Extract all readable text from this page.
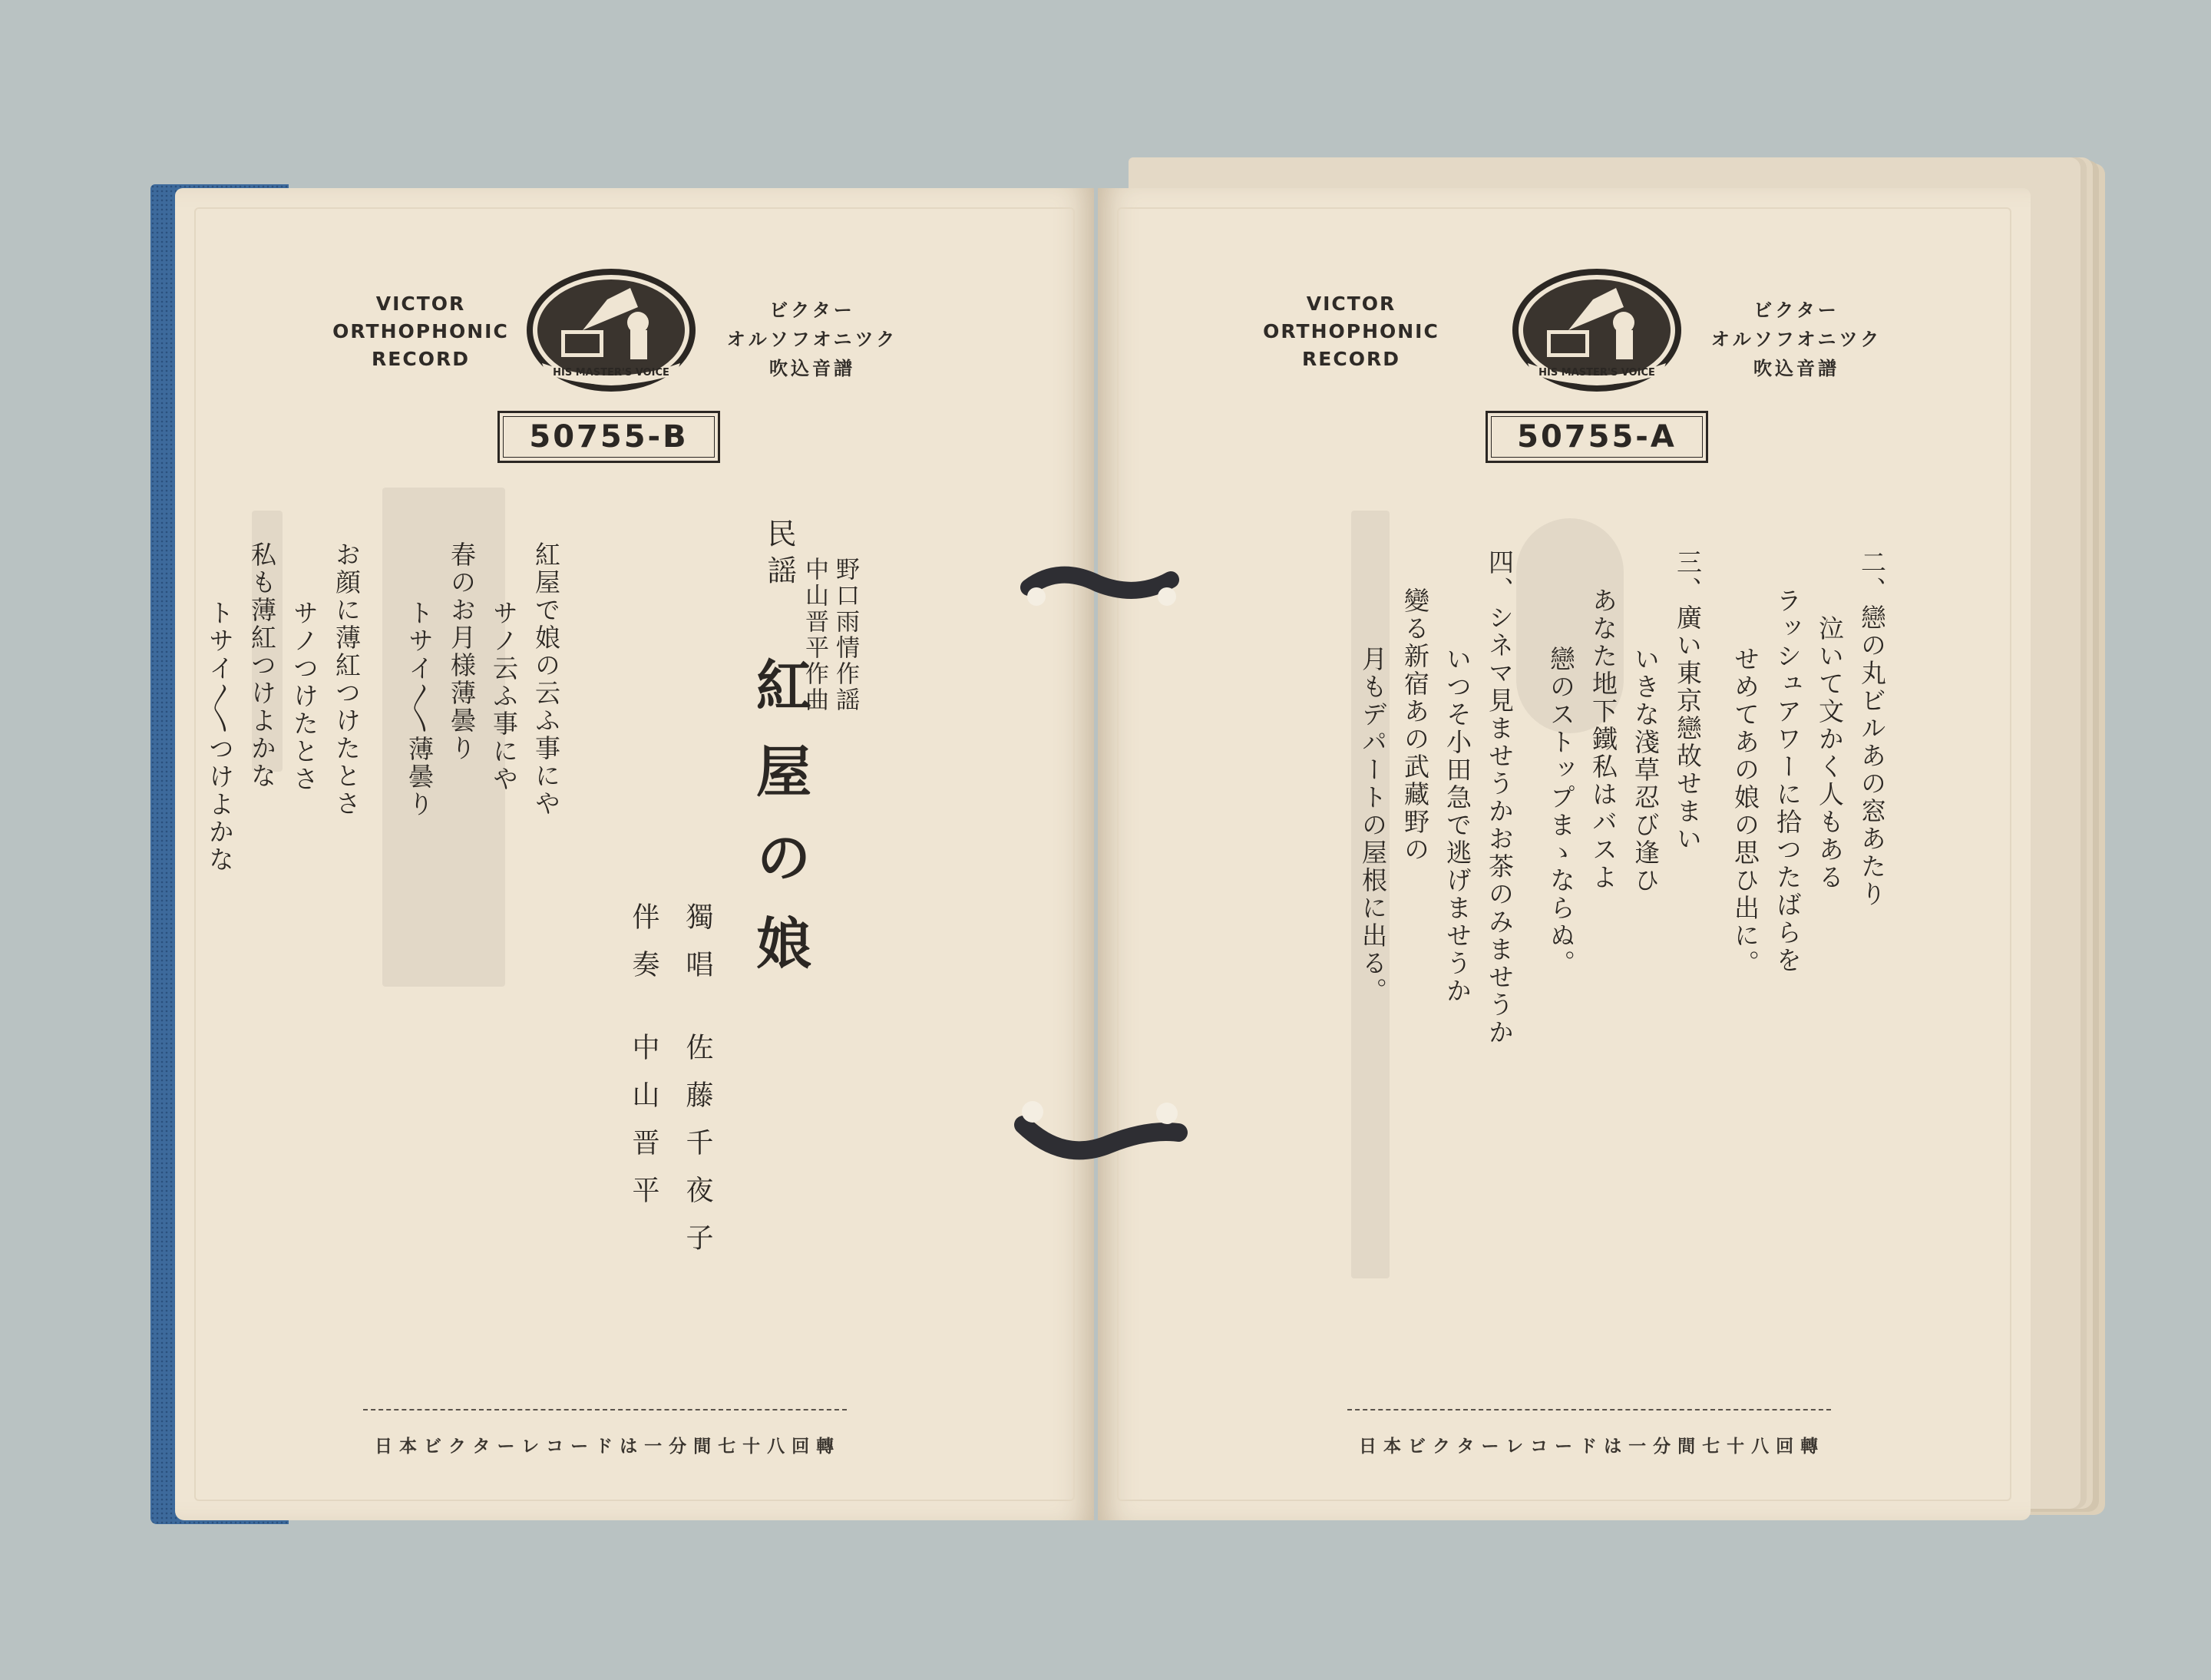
VICTOR
ORTHOPHONIC
RECORD
HIS MASTER'S VOICE
ビクター
オルソフオニツク
吹込音譜
50755-B
紅屋で娘の云ふ事にや
　サノ云ふ事にや
春のお月様薄曇り
　トサイ〳〵薄曇り
お顔に薄紅つけたとさ
　サノつけたとさ
私も薄紅つけよかな
　トサイ〳〵つけよかな	野口雨情作謡
中山晋平作曲
民謡
紅屋の娘
獨唱
佐藤千夜子
伴奏
中山晋平
日本ビクターレコードは一分間七十八回轉
VICTOR
ORTHOPHONIC
RECORD
HIS MASTER'S VOICE
ビクター
オルソフオニツク
吹込音譜
50755-A
二、戀の丸ビルあの窓あたり
　泣いて文かく人もある
ラッシュアワーに拾つたばらを
　せめてあの娘の思ひ出に。
三、廣い東京戀故せまい
　いきな淺草忍び逢ひ
あなた地下鐵私はバスよ
　戀のストップまゝならぬ。
四、シネマ見ませうかお茶のみませうか
　いつそ小田急で逃げませうか
變る新宿あの武藏野の
　月もデパートの屋根に出る。
日本ビクターレコードは一分間七十八回轉
